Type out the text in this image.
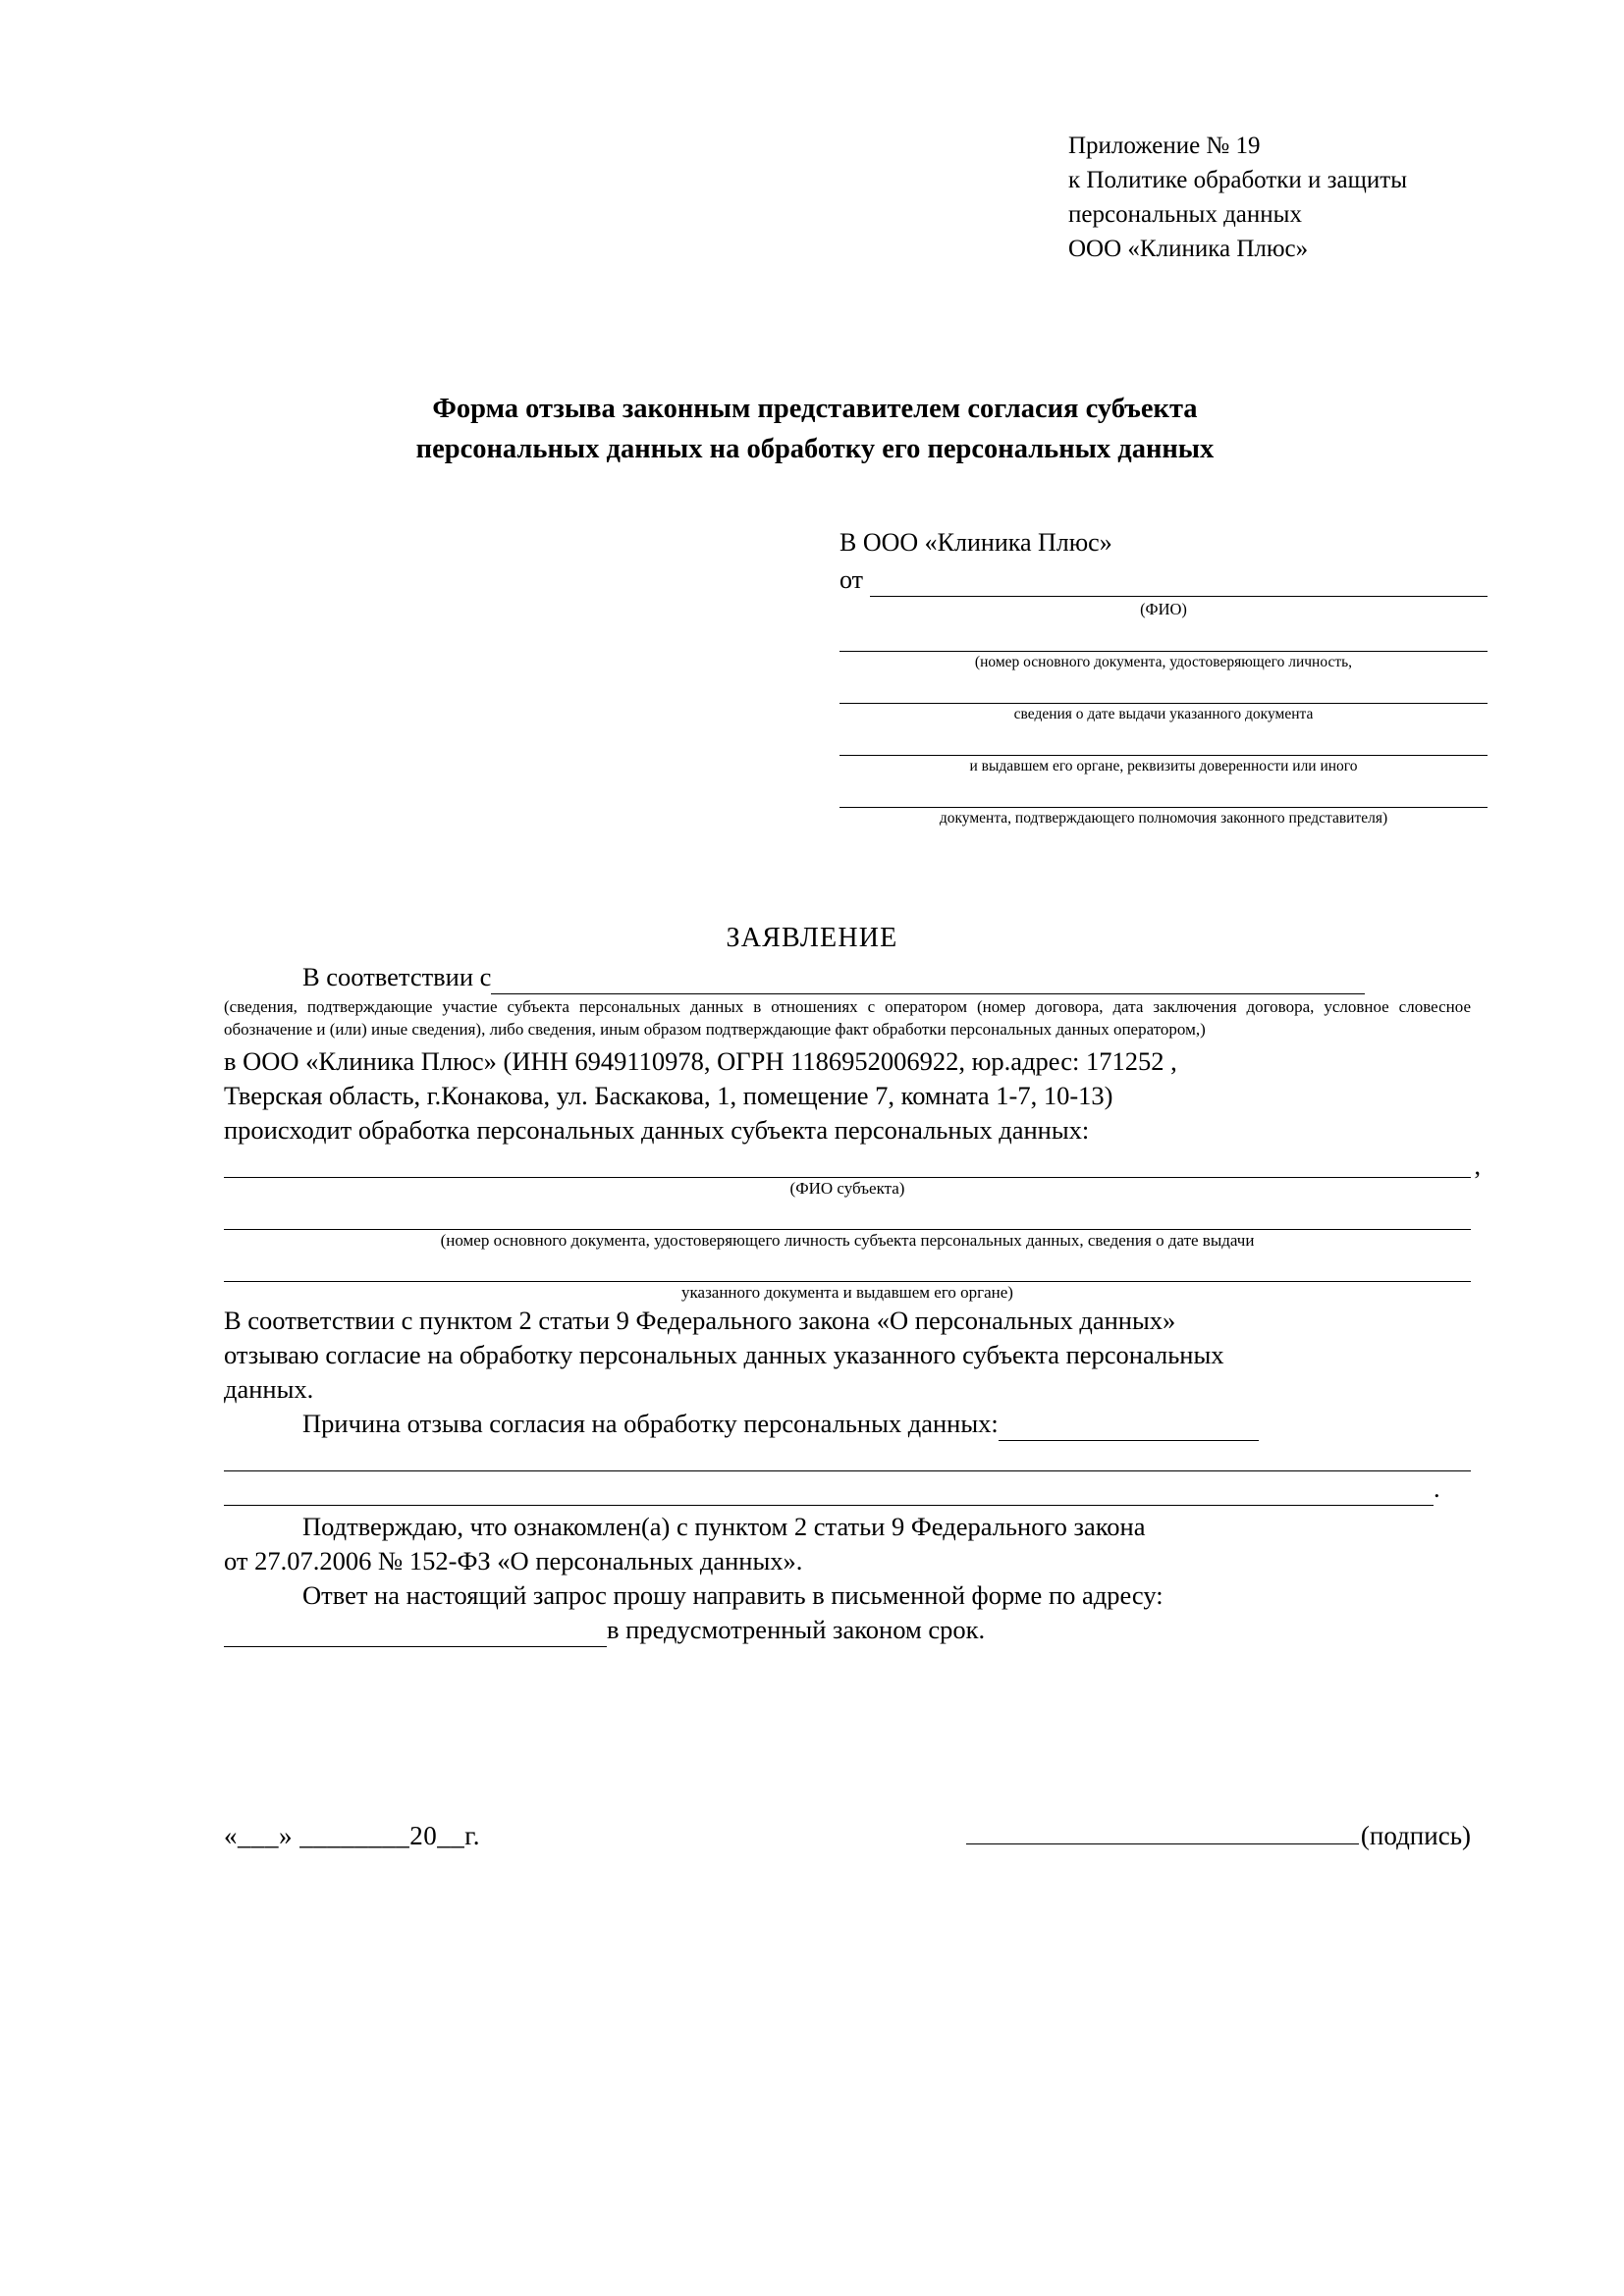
Приложение № 19
к Политике обработки и защиты
персональных данных
ООО «Клиника Плюс»
Форма отзыва законным представителем согласия субъекта
персональных данных на обработку его персональных данных
В ООО «Клиника Плюс»
от
(ФИО)
(номер основного документа, удостоверяющего личность,
сведения о дате выдачи указанного документа
и выдавшем его органе, реквизиты доверенности или иного
документа, подтверждающего полномочия законного представителя)
ЗАЯВЛЕНИЕ
В соответствии с
(сведения, подтверждающие участие субъекта персональных данных в отношениях с оператором (номер договора, дата заключения договора, условное словесное обозначение и (или) иные сведения), либо сведения, иным образом подтверждающие факт обработки персональных данных оператором,)
в ООО «Клиника Плюс» (ИНН 6949110978, ОГРН 1186952006922, юр.адрес: 171252 ,
Тверская область, г.Конакова, ул. Баскакова, 1, помещение 7, комната 1-7, 10-13)
происходит обработка персональных данных субъекта персональных данных:
,
(ФИО субъекта)
(номер основного документа, удостоверяющего личность субъекта персональных данных, сведения о дате выдачи
указанного документа и выдавшем его органе)
В соответствии с пунктом 2 статьи 9 Федерального закона «О персональных данных»
отзываю согласие на обработку персональных данных указанного субъекта персональных
данных.
Причина отзыва согласия на обработку персональных данных:
.
Подтверждаю, что ознакомлен(а) с пунктом 2 статьи 9 Федерального закона
от 27.07.2006 № 152-ФЗ «О персональных данных».
Ответ на настоящий запрос прошу направить в письменной форме по адресу:
в предусмотренный законом срок.
«___» ________20__г.	(подпись)
